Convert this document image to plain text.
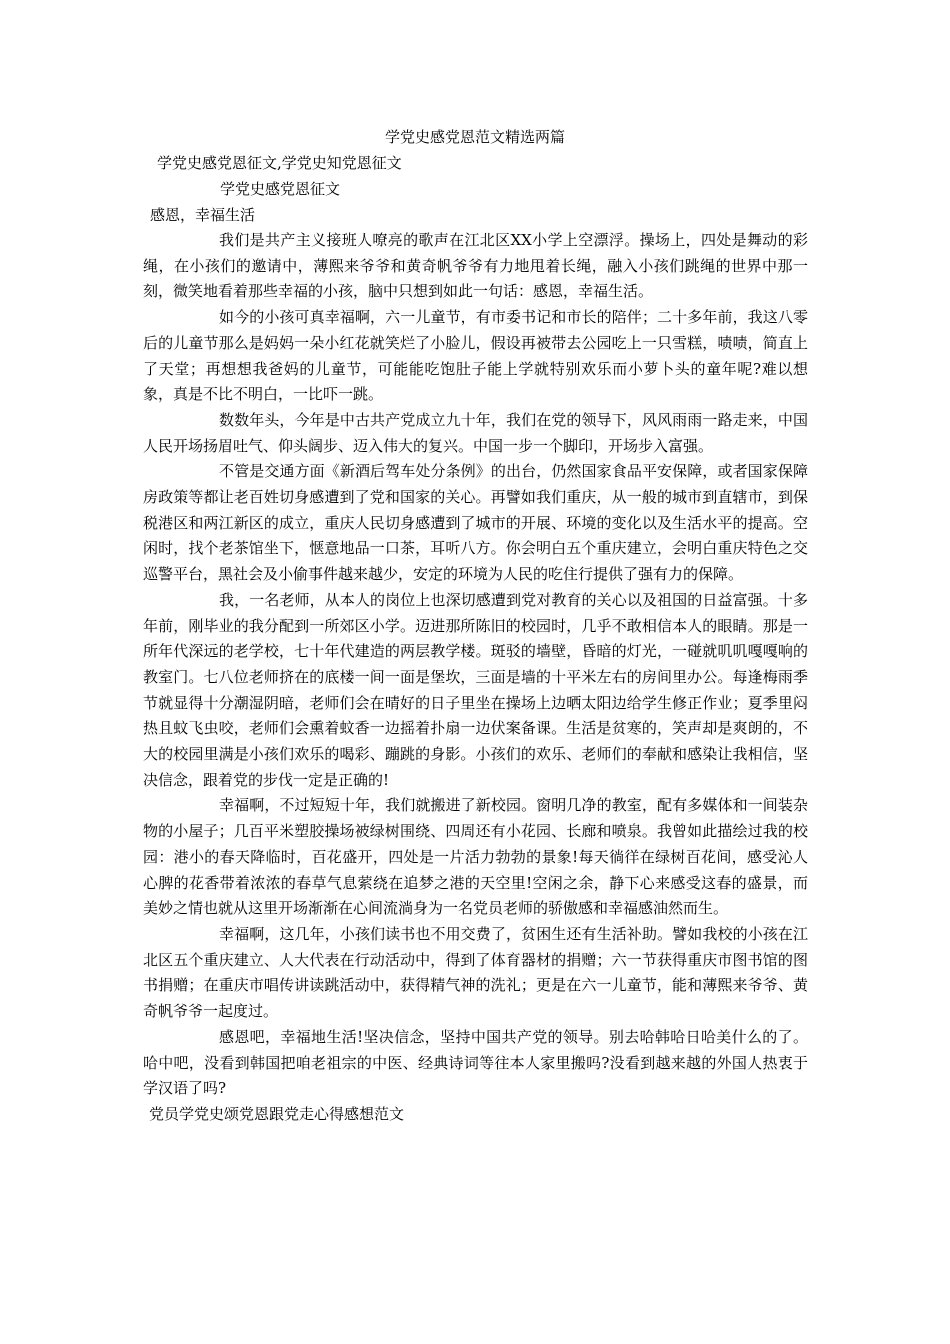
学党史感党恩范文精选两篇
学党史感党恩征文,学党史知党恩征文
学党史感党恩征文
感恩，幸福生活

我们是共产主义接班人嘹亮的歌声在江北区XX小学上空漂浮。操场上，四处是舞动的彩绳，在小孩们的邀请中，薄熙来爷爷和黄奇帆爷爷有力地甩着长绳，融入小孩们跳绳的世界中那一刻，微笑地看着那些幸福的小孩，脑中只想到如此一句话：感恩，幸福生活。

如今的小孩可真幸福啊，六一儿童节，有市委书记和市长的陪伴；二十多年前，我这八零后的儿童节那么是妈妈一朵小红花就笑烂了小脸儿，假设再被带去公园吃上一只雪糕，啧啧，简直上了天堂；再想想我爸妈的儿童节，可能能吃饱肚子能上学就特别欢乐而小萝卜头的童年呢?难以想象，真是不比不明白，一比吓一跳。

数数年头，今年是中古共产党成立九十年，我们在党的领导下，风风雨雨一路走来，中国人民开场扬眉吐气、仰头阔步、迈入伟大的复兴。中国一步一个脚印，开场步入富强。

不管是交通方面《新酒后驾车处分条例》的出台，仍然国家食品平安保障，或者国家保障房政策等都让老百姓切身感遭到了党和国家的关心。再譬如我们重庆，从一般的城市到直辖市，到保税港区和两江新区的成立，重庆人民切身感遭到了城市的开展、环境的变化以及生活水平的提高。空闲时，找个老茶馆坐下，惬意地品一口茶，耳听八方。你会明白五个重庆建立，会明白重庆特色之交巡警平台，黑社会及小偷事件越来越少，安定的环境为人民的吃住行提供了强有力的保障。

我，一名老师，从本人的岗位上也深切感遭到党对教育的关心以及祖国的日益富强。十多年前，刚毕业的我分配到一所郊区小学。迈进那所陈旧的校园时，几乎不敢相信本人的眼睛。那是一所年代深远的老学校，七十年代建造的两层教学楼。斑驳的墙壁，昏暗的灯光，一碰就叽叽嘎嘎响的教室门。七八位老师挤在的底楼一间一面是堡坎，三面是墙的十平米左右的房间里办公。每逢梅雨季节就显得十分潮湿阴暗，老师们会在晴好的日子里坐在操场上边晒太阳边给学生修正作业；夏季里闷热且蚊飞虫咬，老师们会熏着蚊香一边摇着扑扇一边伏案备课。生活是贫寒的，笑声却是爽朗的，不大的校园里满是小孩们欢乐的喝彩、蹦跳的身影。小孩们的欢乐、老师们的奉献和感染让我相信，坚决信念，跟着党的步伐一定是正确的!

幸福啊，不过短短十年，我们就搬进了新校园。窗明几净的教室，配有多媒体和一间装杂物的小屋子；几百平米塑胶操场被绿树围绕、四周还有小花园、长廊和喷泉。我曾如此描绘过我的校园：港小的春天降临时，百花盛开，四处是一片活力勃勃的景象!每天徜徉在绿树百花间，感受沁人心脾的花香带着浓浓的春草气息萦绕在追梦之港的天空里!空闲之余，静下心来感受这春的盛景，而美妙之情也就从这里开场渐渐在心间流淌身为一名党员老师的骄傲感和幸福感油然而生。

幸福啊，这几年，小孩们读书也不用交费了，贫困生还有生活补助。譬如我校的小孩在江北区五个重庆建立、人大代表在行动活动中，得到了体育器材的捐赠；六一节获得重庆市图书馆的图书捐赠；在重庆市唱传讲读跳活动中，获得精气神的洗礼；更是在六一儿童节，能和薄熙来爷爷、黄奇帆爷爷一起度过。

感恩吧，幸福地生活!坚决信念，坚持中国共产党的领导。别去哈韩哈日哈美什么的了。哈中吧，没看到韩国把咱老祖宗的中医、经典诗词等往本人家里搬吗?没看到越来越的外国人热衷于学汉语了吗?

党员学党史颂党恩跟党走心得感想范文
